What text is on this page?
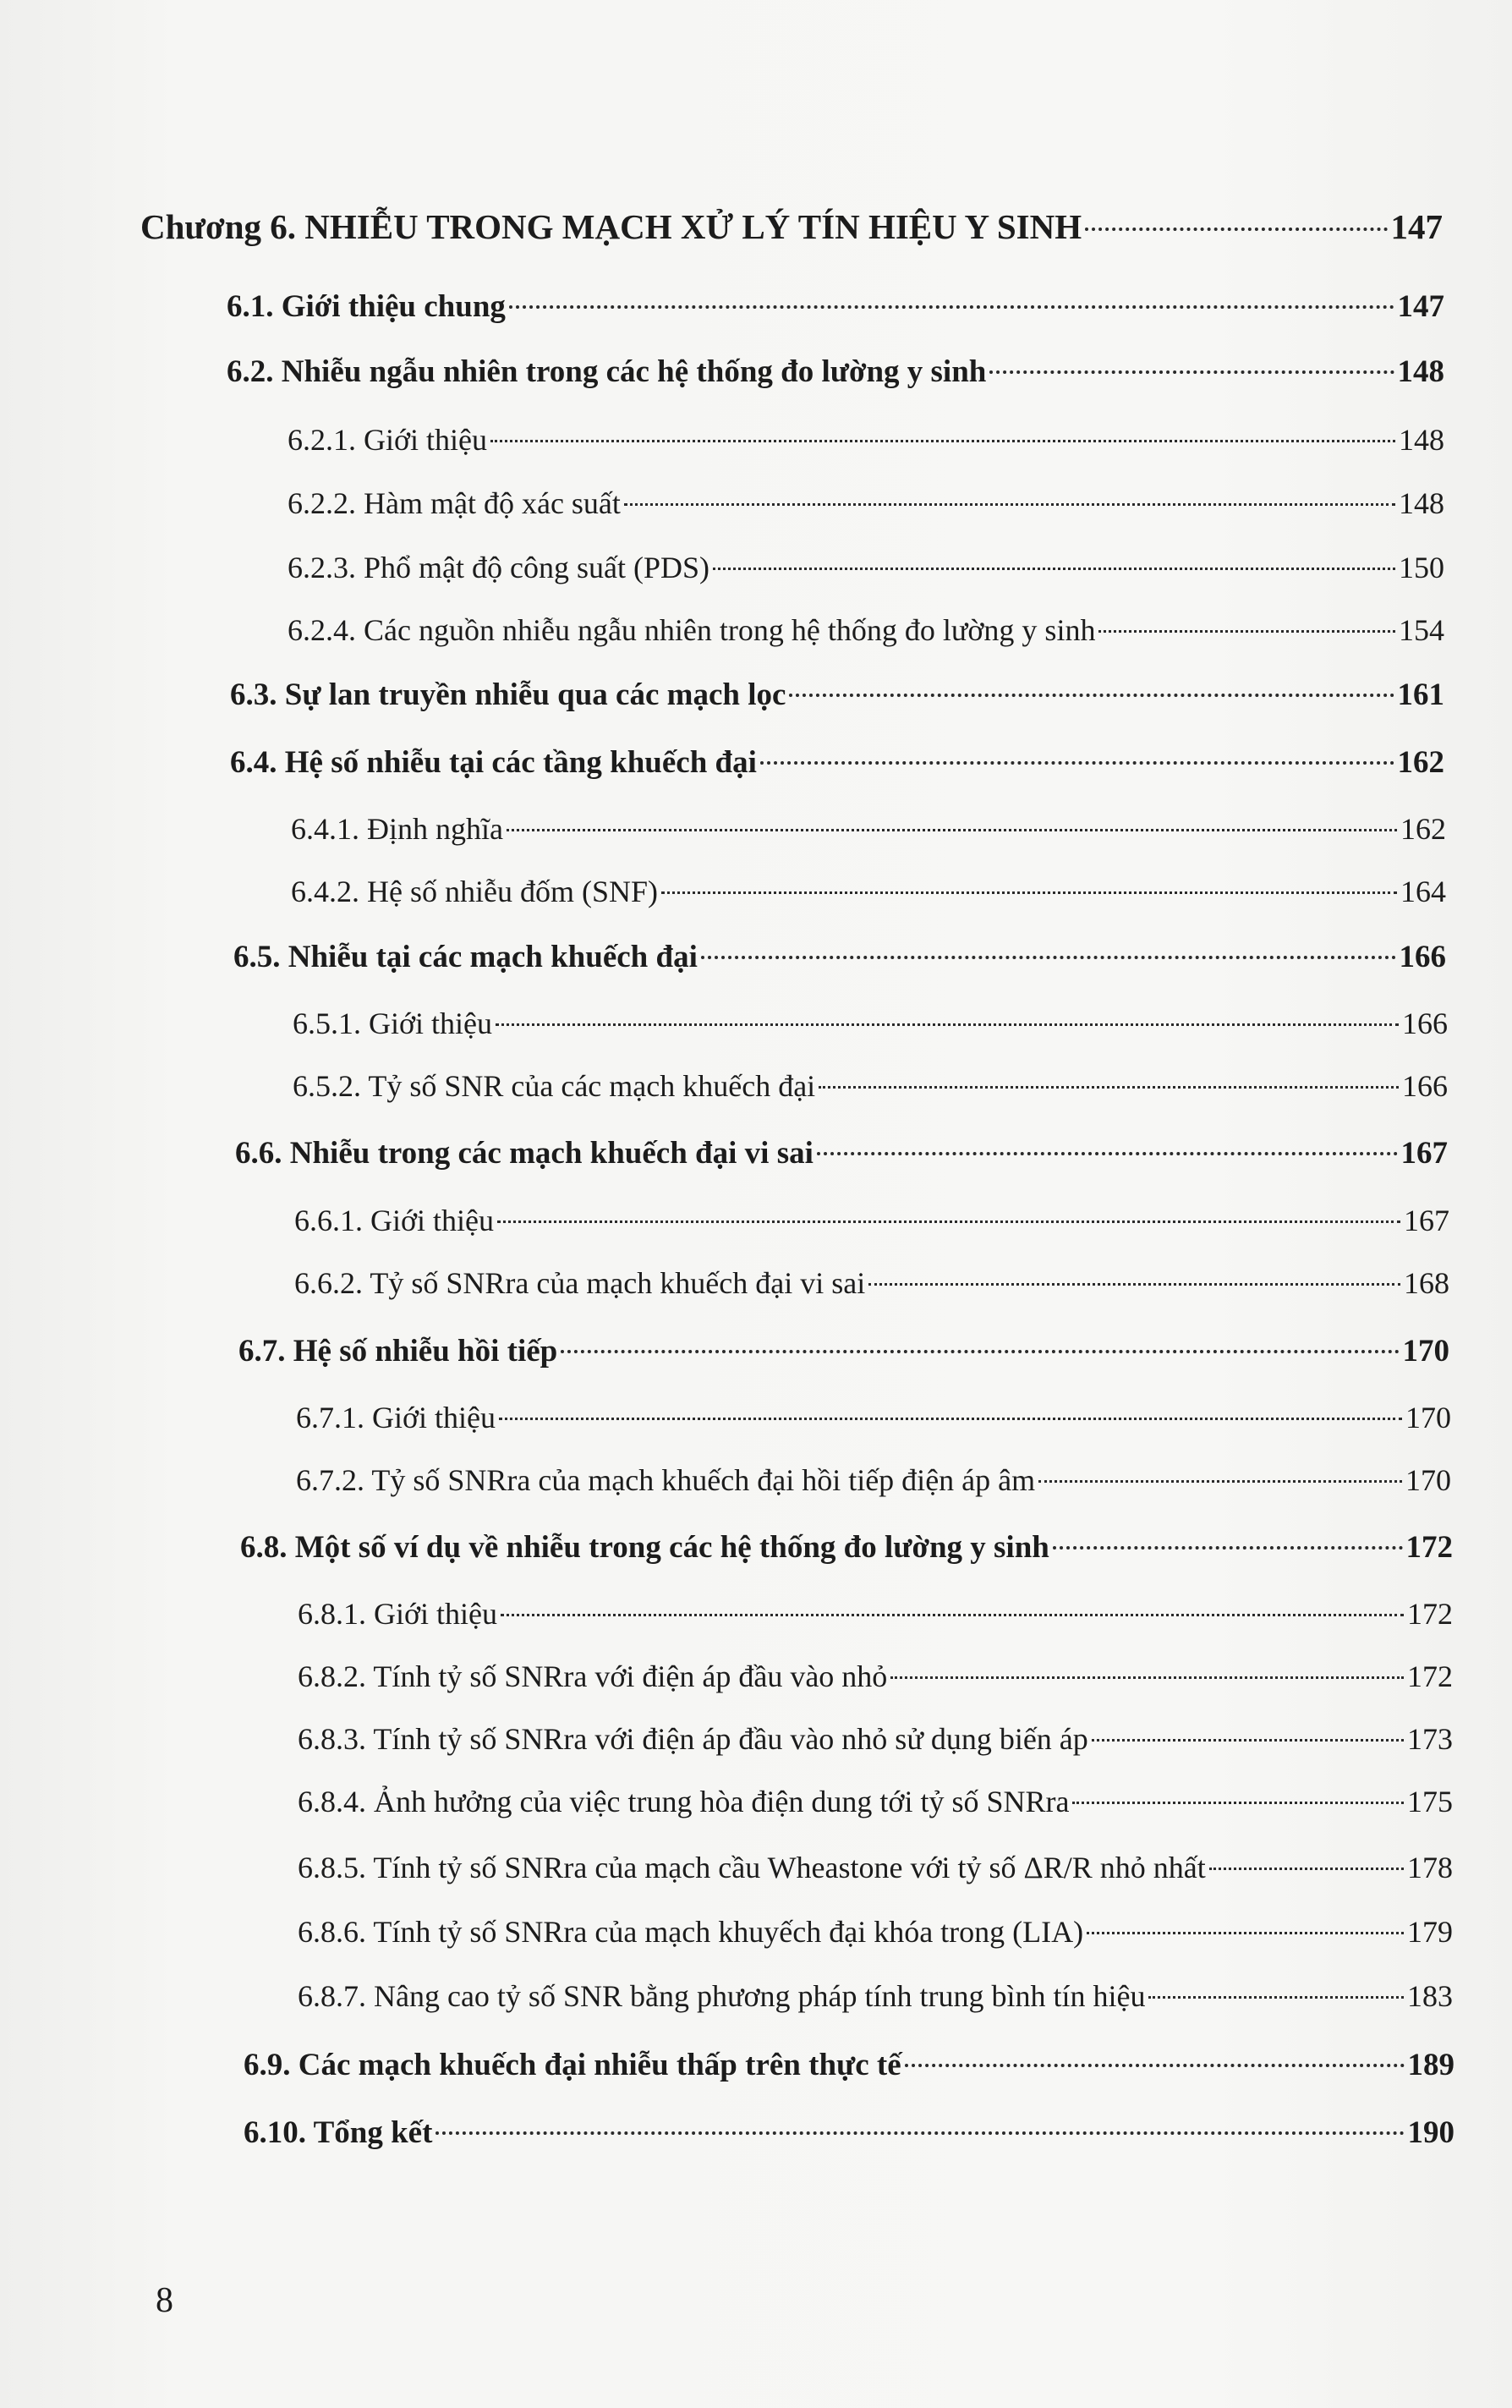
Chương 6. NHIỄU TRONG MẠCH XỬ LÝ TÍN HIỆU Y SINH	147
6.1. Giới thiệu chung	147
6.2. Nhiễu ngẫu nhiên trong các hệ thống đo lường y sinh	148
6.2.1. Giới thiệu	148
6.2.2. Hàm mật độ xác suất	148
6.2.3. Phổ mật độ công suất (PDS)	150
6.2.4. Các nguồn nhiễu ngẫu nhiên trong hệ thống đo lường y sinh	154
6.3. Sự lan truyền nhiễu qua các mạch lọc	161
6.4. Hệ số nhiễu tại các tầng khuếch đại	162
6.4.1. Định nghĩa	162
6.4.2. Hệ số nhiễu đốm (SNF)	164
6.5. Nhiễu tại các mạch khuếch đại	166
6.5.1. Giới thiệu	166
6.5.2. Tỷ số SNR của các mạch khuếch đại	166
6.6. Nhiễu trong các mạch khuếch đại vi sai	167
6.6.1. Giới thiệu	167
6.6.2. Tỷ số SNRra của mạch khuếch đại vi sai	168
6.7. Hệ số nhiễu hồi tiếp	170
6.7.1. Giới thiệu	170
6.7.2. Tỷ số SNRra của mạch khuếch đại hồi tiếp điện áp âm	170
6.8. Một số ví dụ về nhiễu trong các hệ thống đo lường y sinh	172
6.8.1. Giới thiệu	172
6.8.2. Tính tỷ số SNRra với điện áp đầu vào nhỏ	172
6.8.3. Tính tỷ số SNRra với điện áp đầu vào nhỏ sử dụng biến áp	173
6.8.4. Ảnh hưởng của việc trung hòa điện dung tới tỷ số SNRra	175
6.8.5. Tính tỷ số SNRra của mạch cầu Wheastone với tỷ số ΔR/R nhỏ nhất	178
6.8.6. Tính tỷ số SNRra của mạch khuyếch đại khóa trong (LIA)	179
6.8.7. Nâng cao tỷ số SNR bằng phương pháp tính trung bình tín hiệu	183
6.9. Các mạch khuếch đại nhiễu thấp trên thực tế	189
6.10. Tổng kết	190
8
